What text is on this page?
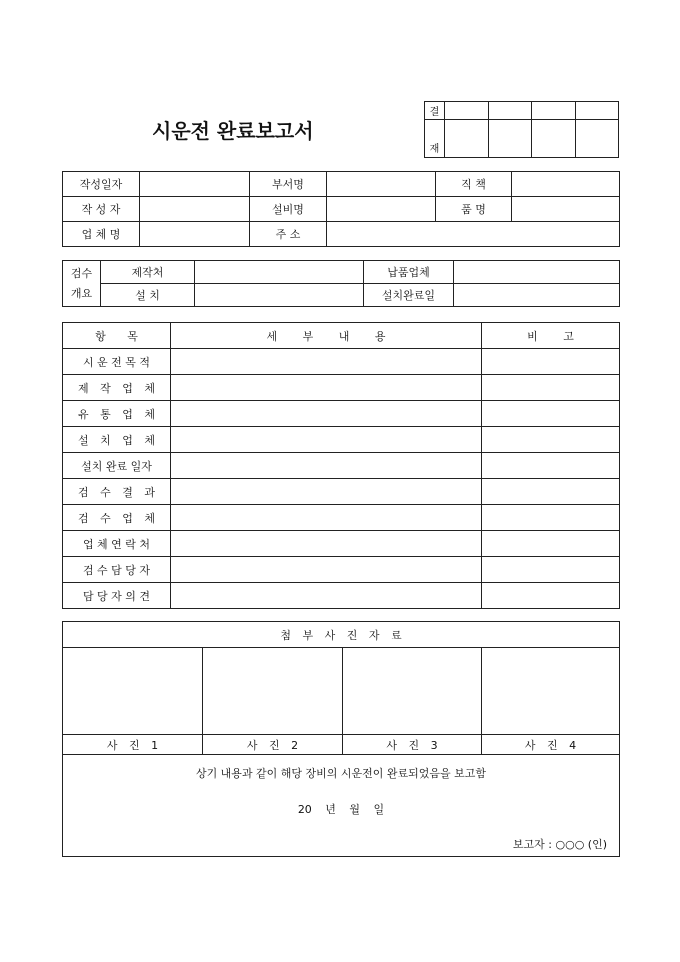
시운전 완료보고서
결				
재				
작성일자		부서명		직 책	
작 성 자		설비명		품 명	
업 체 명		주 소			
검수
개요	제작처		납품업체	
	설 치		설치완료일	
항 목	세 부 내 용	비 고
시 운 전 목 적		
제 작 업 체		
유 통 업 체		
설 치 업 체		
설치 완료 일자		
검 수 결 과		
검 수 업 체		
업 체 연 락 처		
검 수 담 당 자		
담 당 자 의 견		
첨 부 사 진 자 료			

사 진 1	사 진 2	사 진 3	사 진 4

상기 내용과 같이 해당 장비의 시운전이 완료되었음을 보고함
20 년 월 일
보고자 : ○○○ (인)			
